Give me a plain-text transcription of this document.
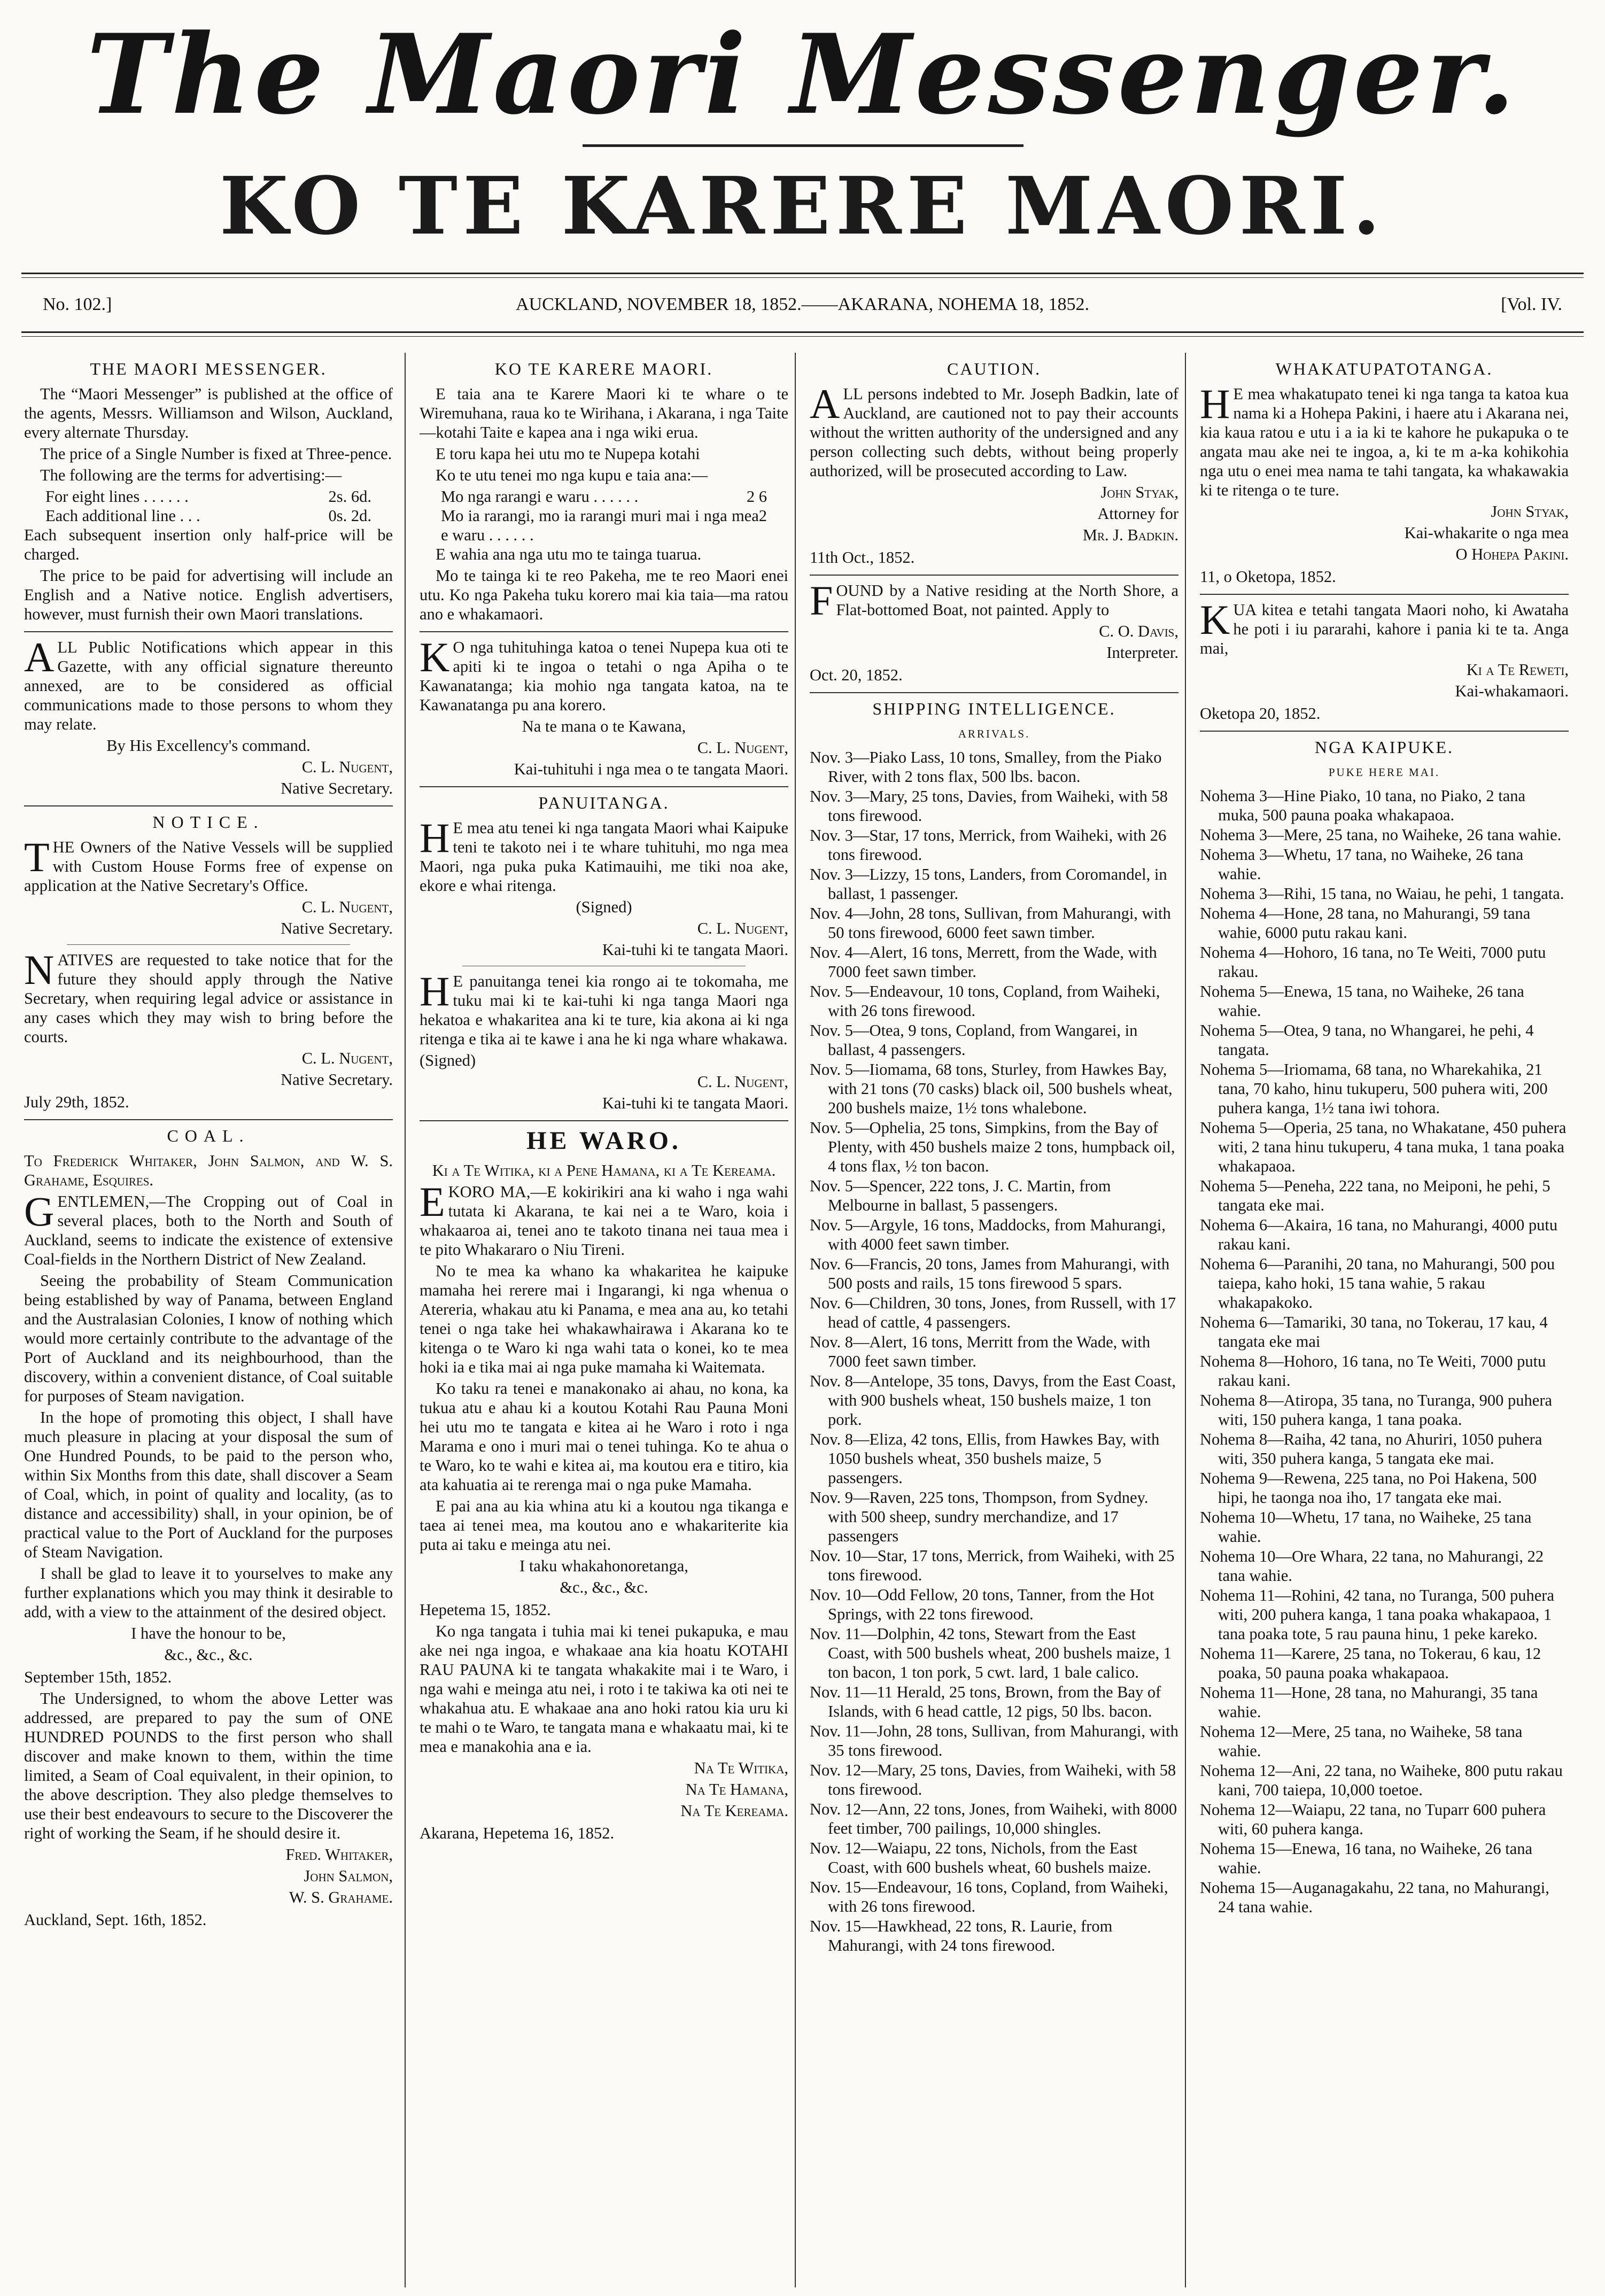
The Maori Messenger.
KO TE KARERE MAORI.
No. 102.]	AUCKLAND, NOVEMBER 18, 1852.——AKARANA, NOHEMA 18, 1852.	[Vol. IV.
THE MAORI MESSENGER.

The “Maori Messenger” is published at the office of the agents, Messrs. Williamson and Wilson, Auckland, every alternate Thursday.

The price of a Single Number is fixed at Three-pence.

The following are the terms for advertising:—

For eight lines . . . . . .	2s. 6d.
Each additional line . . .	0s. 2d.

Each subsequent insertion only half-price will be charged.

The price to be paid for advertising will include an English and a Native notice. English advertisers, however, must furnish their own Maori translations.

ALL Public Notifications which appear in this Gazette, with any official signature thereunto annexed, are to be considered as official communications made to those persons to whom they may relate.

By His Excellency's command.

C. L. Nugent,

Native Secretary.

NOTICE.

THE Owners of the Native Vessels will be supplied with Custom House Forms free of expense on application at the Native Secretary's Office.

C. L. Nugent,

Native Secretary.

NATIVES are requested to take notice that for the future they should apply through the Native Secretary, when requiring legal advice or assistance in any cases which they may wish to bring before the courts.

C. L. Nugent,

Native Secretary.

July 29th, 1852.

COAL.

To Frederick Whitaker, John Salmon, and W. S. Grahame, Esquires.

GENTLEMEN,—The Cropping out of Coal in several places, both to the North and South of Auckland, seems to indicate the existence of extensive Coal-fields in the Northern District of New Zealand.

Seeing the probability of Steam Communication being established by way of Panama, between England and the Australasian Colonies, I know of nothing which would more certainly contribute to the advantage of the Port of Auckland and its neighbourhood, than the discovery, within a convenient distance, of Coal suitable for purposes of Steam navigation.

In the hope of promoting this object, I shall have much pleasure in placing at your disposal the sum of One Hundred Pounds, to be paid to the person who, within Six Months from this date, shall discover a Seam of Coal, which, in point of quality and locality, (as to distance and accessibility) shall, in your opinion, be of practical value to the Port of Auckland for the purposes of Steam Navigation.

I shall be glad to leave it to yourselves to make any further explanations which you may think it desirable to add, with a view to the attainment of the desired object.

I have the honour to be,

&c., &c., &c.

September 15th, 1852.

The Undersigned, to whom the above Letter was addressed, are prepared to pay the sum of ONE HUNDRED POUNDS to the first person who shall discover and make known to them, within the time limited, a Seam of Coal equivalent, in their opinion, to the above description. They also pledge themselves to use their best endeavours to secure to the Discoverer the right of working the Seam, if he should desire it.

Fred. Whitaker,

John Salmon,

W. S. Grahame.

Auckland, Sept. 16th, 1852.

KO TE KARERE MAORI.

E taia ana te Karere Maori ki te whare o te Wiremuhana, raua ko te Wirihana, i Akarana, i nga Taite—kotahi Taite e kapea ana i nga wiki erua.

E toru kapa hei utu mo te Nupepa kotahi

Ko te utu tenei mo nga kupu e taia ana:—

Mo nga rarangi e waru . . . . . .	2 6
Mo ia rarangi, mo ia rarangi muri mai i nga mea e waru . . . . . .
2

E wahia ana nga utu mo te tainga tuarua.

Mo te tainga ki te reo Pakeha, me te reo Maori enei utu. Ko nga Pakeha tuku korero mai kia taia—ma ratou ano e whakamaori.

KO nga tuhituhinga katoa o tenei Nupepa kua oti te apiti ki te ingoa o tetahi o nga Apiha o te Kawanatanga; kia mohio nga tangata katoa, na te Kawanatanga pu ana korero.

Na te mana o te Kawana,

C. L. Nugent,

Kai-tuhituhi i nga mea o te tangata Maori.

PANUITANGA.

HE mea atu tenei ki nga tangata Maori whai Kaipuke teni te takoto nei i te whare tuhituhi, mo nga mea Maori, nga puka puka Katimauihi, me tiki noa ake, ekore e whai ritenga.

(Signed)

C. L. Nugent,

Kai-tuhi ki te tangata Maori.

HE panuitanga tenei kia rongo ai te tokomaha, me tuku mai ki te kai-tuhi ki nga tanga Maori nga hekatoa e whakaritea ana ki te ture, kia akona ai ki nga ritenga e tika ai te kawe i ana he ki nga whare whakawa.

(Signed)

C. L. Nugent,

Kai-tuhi ki te tangata Maori.

HE WARO.

Ki a Te Witika, ki a Pene Hamana, ki a Te Kereama.

EKORO MA,—E kokirikiri ana ki waho i nga wahi tutata ki Akarana, te kai nei a te Waro, koia i whakaaroa ai, tenei ano te takoto tinana nei taua mea i te pito Whakararo o Niu Tireni.

No te mea ka whano ka whakaritea he kaipuke mamaha hei rerere mai i Ingarangi, ki nga whenua o Atereria, whakau atu ki Panama, e mea ana au, ko tetahi tenei o nga take hei whakawhairawa i Akarana ko te kitenga o te Waro ki nga wahi tata o konei, ko te mea hoki ia e tika mai ai nga puke mamaha ki Waitemata.

Ko taku ra tenei e manakonako ai ahau, no kona, ka tukua atu e ahau ki a koutou Kotahi Rau Pauna Moni hei utu mo te tangata e kitea ai he Waro i roto i nga Marama e ono i muri mai o tenei tuhinga. Ko te ahua o te Waro, ko te wahi e kitea ai, ma koutou era e titiro, kia ata kahuatia ai te rerenga mai o nga puke Mamaha.

E pai ana au kia whina atu ki a koutou nga tikanga e taea ai tenei mea, ma koutou ano e whakariterite kia puta ai taku e meinga atu nei.

I taku whakahonoretanga,

&c., &c., &c.

Hepetema 15, 1852.

Ko nga tangata i tuhia mai ki tenei pukapuka, e mau ake nei nga ingoa, e whakaae ana kia hoatu KOTAHI RAU PAUNA ki te tangata whakakite mai i te Waro, i nga wahi e meinga atu nei, i roto i te takiwa ka oti nei te whakahua atu. E whakaae ana ano hoki ratou kia uru ki te mahi o te Waro, te tangata mana e whakaatu mai, ki te mea e manakohia ana e ia.

Na Te Witika,

Na Te Hamana,

Na Te Kereama.

Akarana, Hepetema 16, 1852.

CAUTION.

ALL persons indebted to Mr. Joseph Badkin, late of Auckland, are cautioned not to pay their accounts without the written authority of the undersigned and any person collecting such debts, without being properly authorized, will be prosecuted according to Law.

John Styak,

Attorney for

Mr. J. Badkin.

11th Oct., 1852.

FOUND by a Native residing at the North Shore, a Flat-bottomed Boat, not painted. Apply to

C. O. Davis,

Interpreter.

Oct. 20, 1852.

SHIPPING INTELLIGENCE.
ARRIVALS.

Nov. 3—Piako Lass, 10 tons, Smalley, from the Piako River, with 2 tons flax, 500 lbs. bacon.

Nov. 3—Mary, 25 tons, Davies, from Waiheki, with 58 tons firewood.

Nov. 3—Star, 17 tons, Merrick, from Waiheki, with 26 tons firewood.

Nov. 3—Lizzy, 15 tons, Landers, from Coromandel, in ballast, 1 passenger.

Nov. 4—John, 28 tons, Sullivan, from Mahurangi, with 50 tons firewood, 6000 feet sawn timber.

Nov. 4—Alert, 16 tons, Merrett, from the Wade, with 7000 feet sawn timber.

Nov. 5—Endeavour, 10 tons, Copland, from Waiheki, with 26 tons firewood.

Nov. 5—Otea, 9 tons, Copland, from Wangarei, in ballast, 4 passengers.

Nov. 5—Iiomama, 68 tons, Sturley, from Hawkes Bay, with 21 tons (70 casks) black oil, 500 bushels wheat, 200 bushels maize, 1½ tons whalebone.

Nov. 5—Ophelia, 25 tons, Simpkins, from the Bay of Plenty, with 450 bushels maize 2 tons, humpback oil, 4 tons flax, ½ ton bacon.

Nov. 5—Spencer, 222 tons, J. C. Martin, from Melbourne in ballast, 5 passengers.

Nov. 5—Argyle, 16 tons, Maddocks, from Mahurangi, with 4000 feet sawn timber.

Nov. 6—Francis, 20 tons, James from Mahurangi, with 500 posts and rails, 15 tons firewood 5 spars.

Nov. 6—Children, 30 tons, Jones, from Russell, with 17 head of cattle, 4 passengers.

Nov. 8—Alert, 16 tons, Merritt from the Wade, with 7000 feet sawn timber.

Nov. 8—Antelope, 35 tons, Davys, from the East Coast, with 900 bushels wheat, 150 bushels maize, 1 ton pork.

Nov. 8—Eliza, 42 tons, Ellis, from Hawkes Bay, with 1050 bushels wheat, 350 bushels maize, 5 passengers.

Nov. 9—Raven, 225 tons, Thompson, from Sydney. with 500 sheep, sundry merchandize, and 17 passengers

Nov. 10—Star, 17 tons, Merrick, from Waiheki, with 25 tons firewood.

Nov. 10—Odd Fellow, 20 tons, Tanner, from the Hot Springs, with 22 tons firewood.

Nov. 11—Dolphin, 42 tons, Stewart from the East Coast, with 500 bushels wheat, 200 bushels maize, 1 ton bacon, 1 ton pork, 5 cwt. lard, 1 bale calico.

Nov. 11—11 Herald, 25 tons, Brown, from the Bay of Islands, with 6 head cattle, 12 pigs, 50 lbs. bacon.

Nov. 11—John, 28 tons, Sullivan, from Mahurangi, with 35 tons firewood.

Nov. 12—Mary, 25 tons, Davies, from Waiheki, with 58 tons firewood.

Nov. 12—Ann, 22 tons, Jones, from Waiheki, with 8000 feet timber, 700 pailings, 10,000 shingles.

Nov. 12—Waiapu, 22 tons, Nichols, from the East Coast, with 600 bushels wheat, 60 bushels maize.

Nov. 15—Endeavour, 16 tons, Copland, from Waiheki, with 26 tons firewood.

Nov. 15—Hawkhead, 22 tons, R. Laurie, from Mahurangi, with 24 tons firewood.

WHAKATUPATOTANGA.

HE mea whakatupato tenei ki nga tanga ta katoa kua nama ki a Hohepa Pakini, i haere atu i Akarana nei, kia kaua ratou e utu i a ia ki te kahore he pukapuka o te angata mau ake nei te ingoa, a, ki te m a-ka kohikohia nga utu o enei mea nama te tahi tangata, ka whakawakia ki te ritenga o te ture.

John Styak,

Kai-whakarite o nga mea

O Hohepa Pakini.

11, o Oketopa, 1852.

KUA kitea e tetahi tangata Maori noho, ki Awataha he poti i iu pararahi, kahore i pania ki te ta. Anga mai,

Ki a Te Reweti,

Kai-whakamaori.

Oketopa 20, 1852.

NGA KAIPUKE.
PUKE HERE MAI.

Nohema 3—Hine Piako, 10 tana, no Piako, 2 tana muka, 500 pauna poaka whakapaoa.

Nohema 3—Mere, 25 tana, no Waiheke, 26 tana wahie.

Nohema 3—Whetu, 17 tana, no Waiheke, 26 tana wahie.

Nohema 3—Rihi, 15 tana, no Waiau, he pehi, 1 tangata.

Nohema 4—Hone, 28 tana, no Mahurangi, 59 tana wahie, 6000 putu rakau kani.

Nohema 4—Hohoro, 16 tana, no Te Weiti, 7000 putu rakau.

Nohema 5—Enewa, 15 tana, no Waiheke, 26 tana wahie.

Nohema 5—Otea, 9 tana, no Whangarei, he pehi, 4 tangata.

Nohema 5—Iriomama, 68 tana, no Wharekahika, 21 tana, 70 kaho, hinu tukuperu, 500 puhera witi, 200 puhera kanga, 1½ tana iwi tohora.

Nohema 5—Operia, 25 tana, no Whakatane, 450 puhera witi, 2 tana hinu tukuperu, 4 tana muka, 1 tana poaka whakapaoa.

Nohema 5—Peneha, 222 tana, no Meiponi, he pehi, 5 tangata eke mai.

Nohema 6—Akaira, 16 tana, no Mahurangi, 4000 putu rakau kani.

Nohema 6—Paranihi, 20 tana, no Mahurangi, 500 pou taiepa, kaho hoki, 15 tana wahie, 5 rakau whakapakoko.

Nohema 6—Tamariki, 30 tana, no Tokerau, 17 kau, 4 tangata eke mai

Nohema 8—Hohoro, 16 tana, no Te Weiti, 7000 putu rakau kani.

Nohema 8—Atiropa, 35 tana, no Turanga, 900 puhera witi, 150 puhera kanga, 1 tana poaka.

Nohema 8—Raiha, 42 tana, no Ahuriri, 1050 puhera witi, 350 puhera kanga, 5 tangata eke mai.

Nohema 9—Rewena, 225 tana, no Poi Hakena, 500 hipi, he taonga noa iho, 17 tangata eke mai.

Nohema 10—Whetu, 17 tana, no Waiheke, 25 tana wahie.

Nohema 10—Ore Whara, 22 tana, no Mahurangi, 22 tana wahie.

Nohema 11—Rohini, 42 tana, no Turanga, 500 puhera witi, 200 puhera kanga, 1 tana poaka whakapaoa, 1 tana poaka tote, 5 rau pauna hinu, 1 peke kareko.

Nohema 11—Karere, 25 tana, no Tokerau, 6 kau, 12 poaka, 50 pauna poaka whakapaoa.

Nohema 11—Hone, 28 tana, no Mahurangi, 35 tana wahie.

Nohema 12—Mere, 25 tana, no Waiheke, 58 tana wahie.

Nohema 12—Ani, 22 tana, no Waiheke, 800 putu rakau kani, 700 taiepa, 10,000 toetoe.

Nohema 12—Waiapu, 22 tana, no Tuparr 600 puhera witi, 60 puhera kanga.

Nohema 15—Enewa, 16 tana, no Waiheke, 26 tana wahie.

Nohema 15—Auganagakahu, 22 tana, no Mahurangi, 24 tana wahie.
